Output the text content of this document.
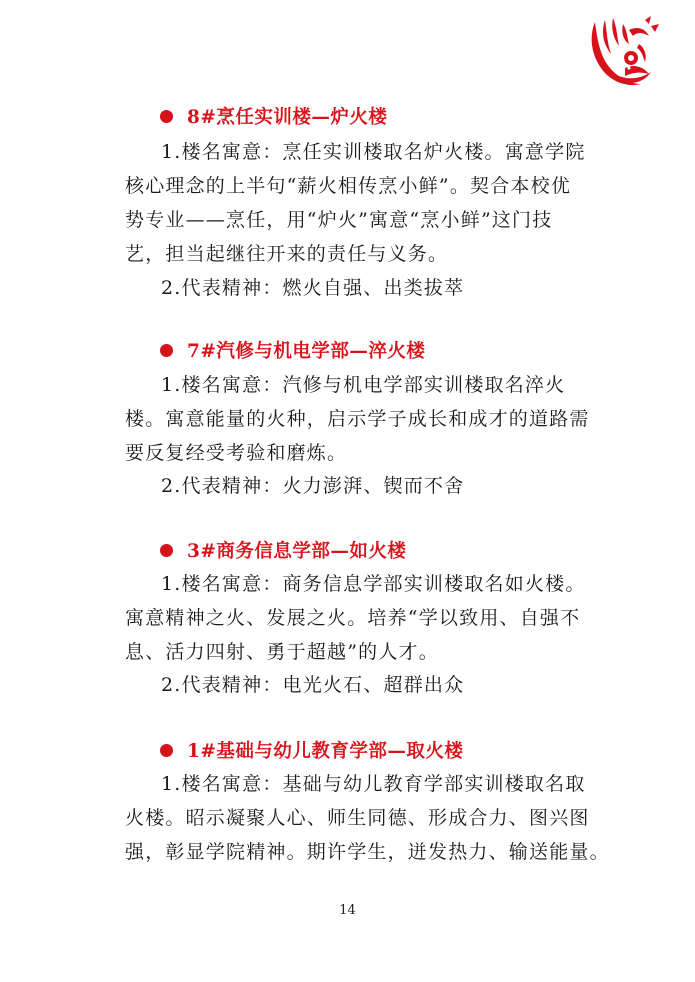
8#烹任实训楼—炉火楼
1.楼名寓意：烹任实训楼取名炉火楼。寓意学院
核心理念的上半句“薪火相传烹小鲜”。契合本校优
势专业——烹任，用“炉火”寓意“烹小鲜”这门技
艺，担当起继往开来的责任与义务。
2.代表精神：燃火自强、出类拔萃
7#汽修与机电学部—淬火楼
1.楼名寓意：汽修与机电学部实训楼取名淬火
楼。寓意能量的火种，启示学子成长和成才的道路需
要反复经受考验和磨炼。
2.代表精神：火力澎湃、锲而不舍
3#商务信息学部—如火楼
1.楼名寓意：商务信息学部实训楼取名如火楼。
寓意精神之火、发展之火。培养“学以致用、自强不
息、活力四射、勇于超越”的人才。
2.代表精神：电光火石、超群出众
1#基础与幼儿教育学部—取火楼
1.楼名寓意：基础与幼儿教育学部实训楼取名取
火楼。昭示凝聚人心、师生同德、形成合力、图兴图
强，彰显学院精神。期许学生，迸发热力、输送能量。
14
